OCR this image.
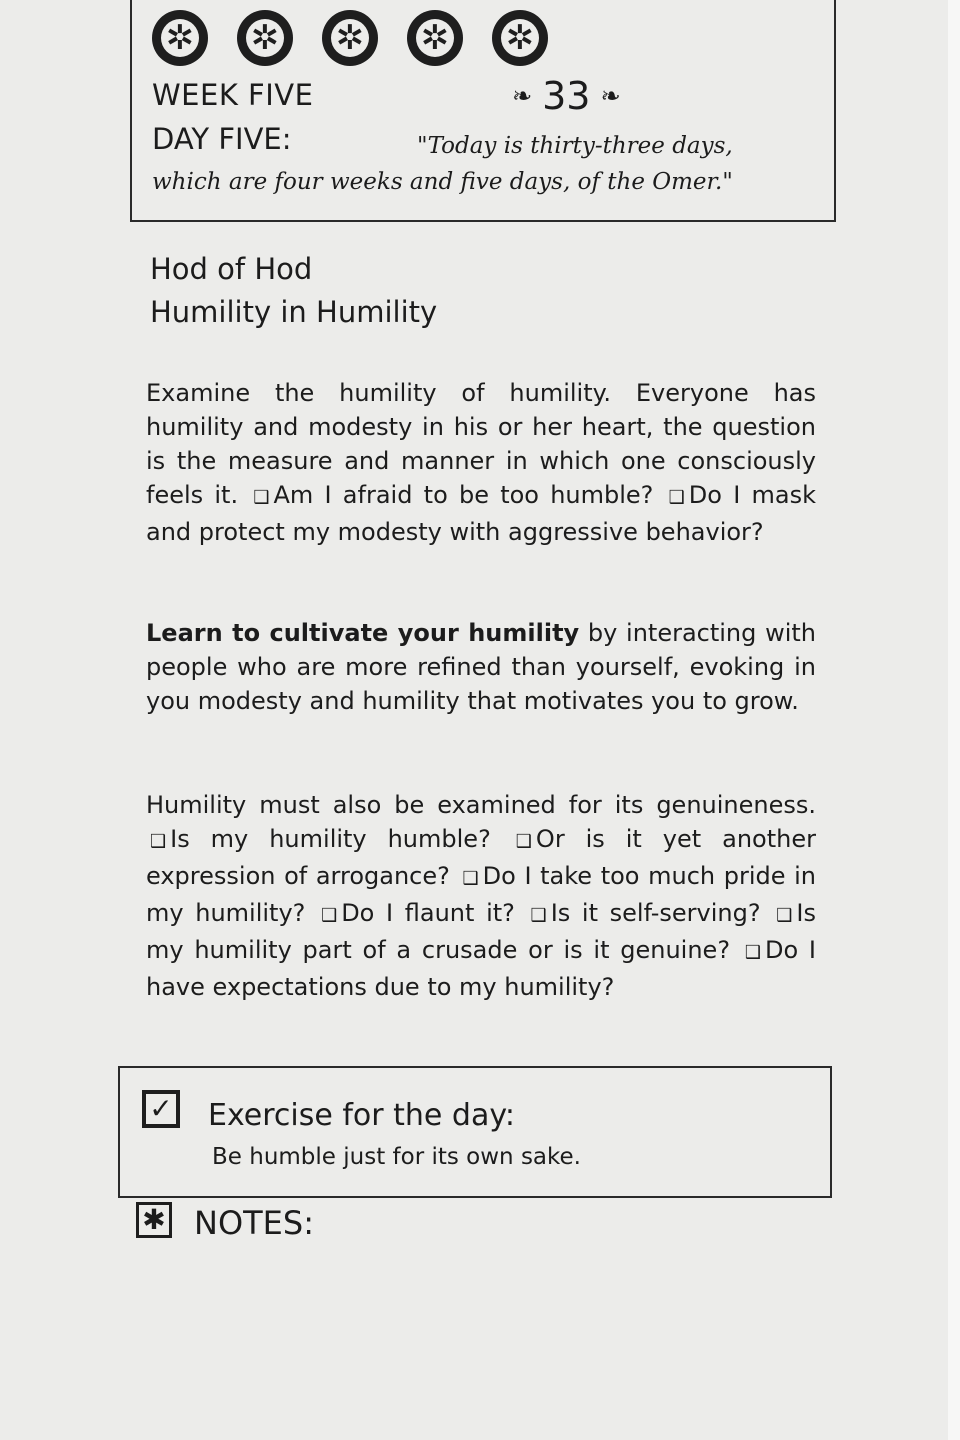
✲
✲
✲
✲
✲
WEEK FIVE	❧ 33 ❧
DAY FIVE:	"Today is thirty-three days,
which are four weeks and five days, of the Omer."
Hod of Hod
Humility in Humility
Examine the humility of humility. Everyone has humility and modesty in his or her heart, the question is the measure and manner in which one consciously feels it. ❑ Am I afraid to be too humble? ❑ Do I mask and protect my modesty with aggressive behavior?
Learn to cultivate your humility by interacting with people who are more refined than yourself, evoking in you modesty and humility that motivates you to grow.
Humility must also be examined for its genuineness. ❑ Is my humility humble? ❑ Or is it yet another expression of arrogance? ❑ Do I take too much pride in my humility? ❑ Do I flaunt it? ❑ Is it self-serving? ❑ Is my humility part of a crusade or is it genuine? ❑ Do I have expectations due to my humility?
✓ Exercise for the day:
Be humble just for its own sake.
✱ NOTES:
